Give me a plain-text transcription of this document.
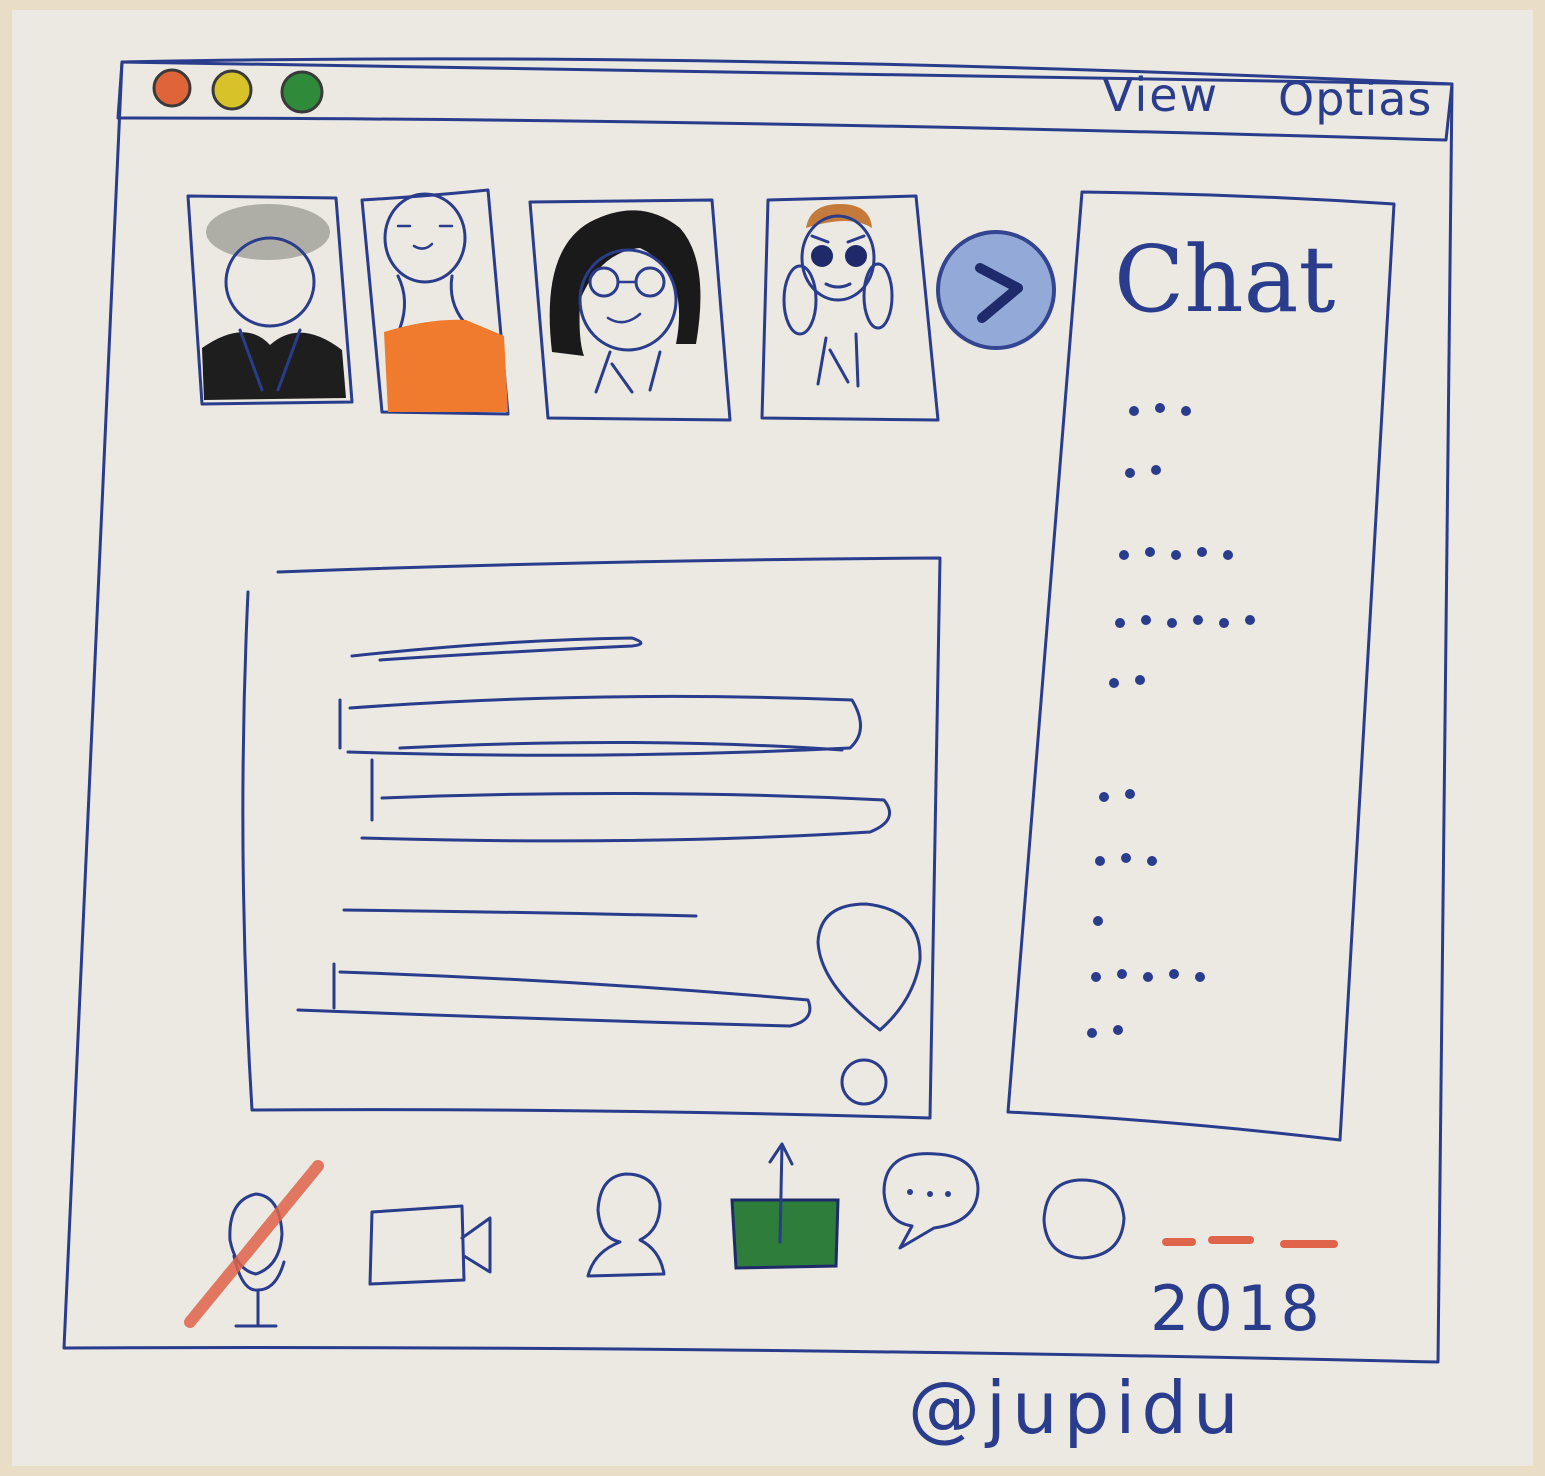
View Optias
Chat
2018
@jupidu
